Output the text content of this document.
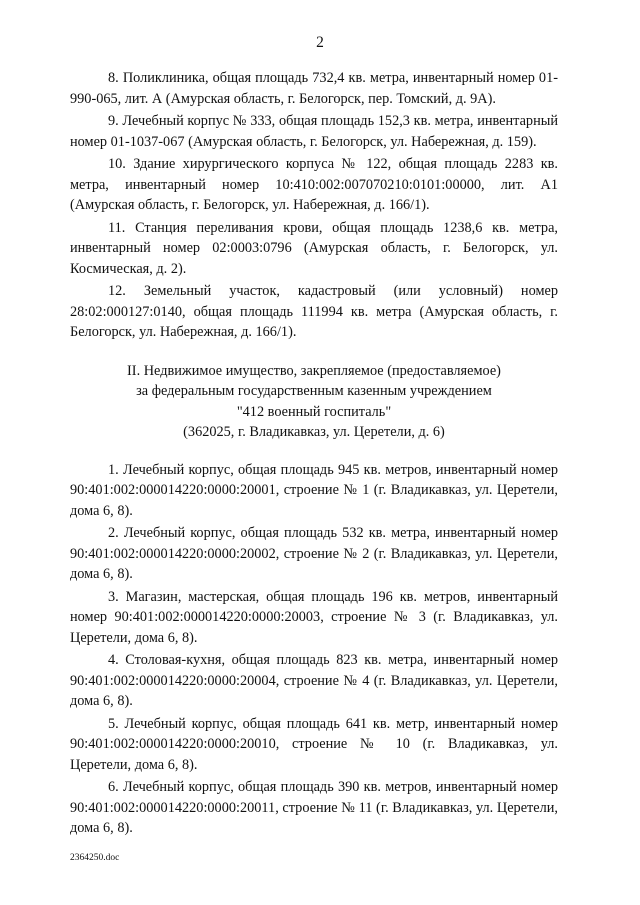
2

8. Поликлиника, общая площадь 732,4 кв. метра, инвентарный номер 01-990-065, лит. А (Амурская область, г. Белогорск, пер. Томский, д. 9А).

9. Лечебный корпус № 333, общая площадь 152,3 кв. метра, инвентарный номер 01-1037-067 (Амурская область, г. Белогорск, ул. Набережная, д. 159).

10. Здание хирургического корпуса № 122, общая площадь 2283 кв. метра, инвентарный номер 10:410:002:007070210:0101:00000, лит. А1 (Амурская область, г. Белогорск, ул. Набережная, д. 166/1).

11. Станция переливания крови, общая площадь 1238,6 кв. метра, инвентарный номер 02:0003:0796 (Амурская область, г. Белогорск, ул. Космическая, д. 2).

12. Земельный участок, кадастровый (или условный) номер 28:02:000127:0140, общая площадь 111994 кв. метра (Амурская область, г. Белогорск, ул. Набережная, д. 166/1).

II. Недвижимое имущество, закрепляемое (предоставляемое)
за федеральным государственным казенным учреждением
"412 военный госпиталь"
(362025, г. Владикавказ, ул. Церетели, д. 6)

1. Лечебный корпус, общая площадь 945 кв. метров, инвентарный номер 90:401:002:000014220:0000:20001, строение № 1 (г. Владикавказ, ул. Церетели, дома 6, 8).

2. Лечебный корпус, общая площадь 532 кв. метра, инвентарный номер 90:401:002:000014220:0000:20002, строение № 2 (г. Владикавказ, ул. Церетели, дома 6, 8).

3. Магазин, мастерская, общая площадь 196 кв. метров, инвентарный номер 90:401:002:000014220:0000:20003, строение № 3 (г. Владикавказ, ул. Церетели, дома 6, 8).

4. Столовая-кухня, общая площадь 823 кв. метра, инвентарный номер 90:401:002:000014220:0000:20004, строение № 4 (г. Владикавказ, ул. Церетели, дома 6, 8).

5. Лечебный корпус, общая площадь 641 кв. метр, инвентарный номер 90:401:002:000014220:0000:20010, строение № 10 (г. Владикавказ, ул. Церетели, дома 6, 8).

6. Лечебный корпус, общая площадь 390 кв. метров, инвентарный номер 90:401:002:000014220:0000:20011, строение № 11 (г. Владикавказ, ул. Церетели, дома 6, 8).

2364250.doc
